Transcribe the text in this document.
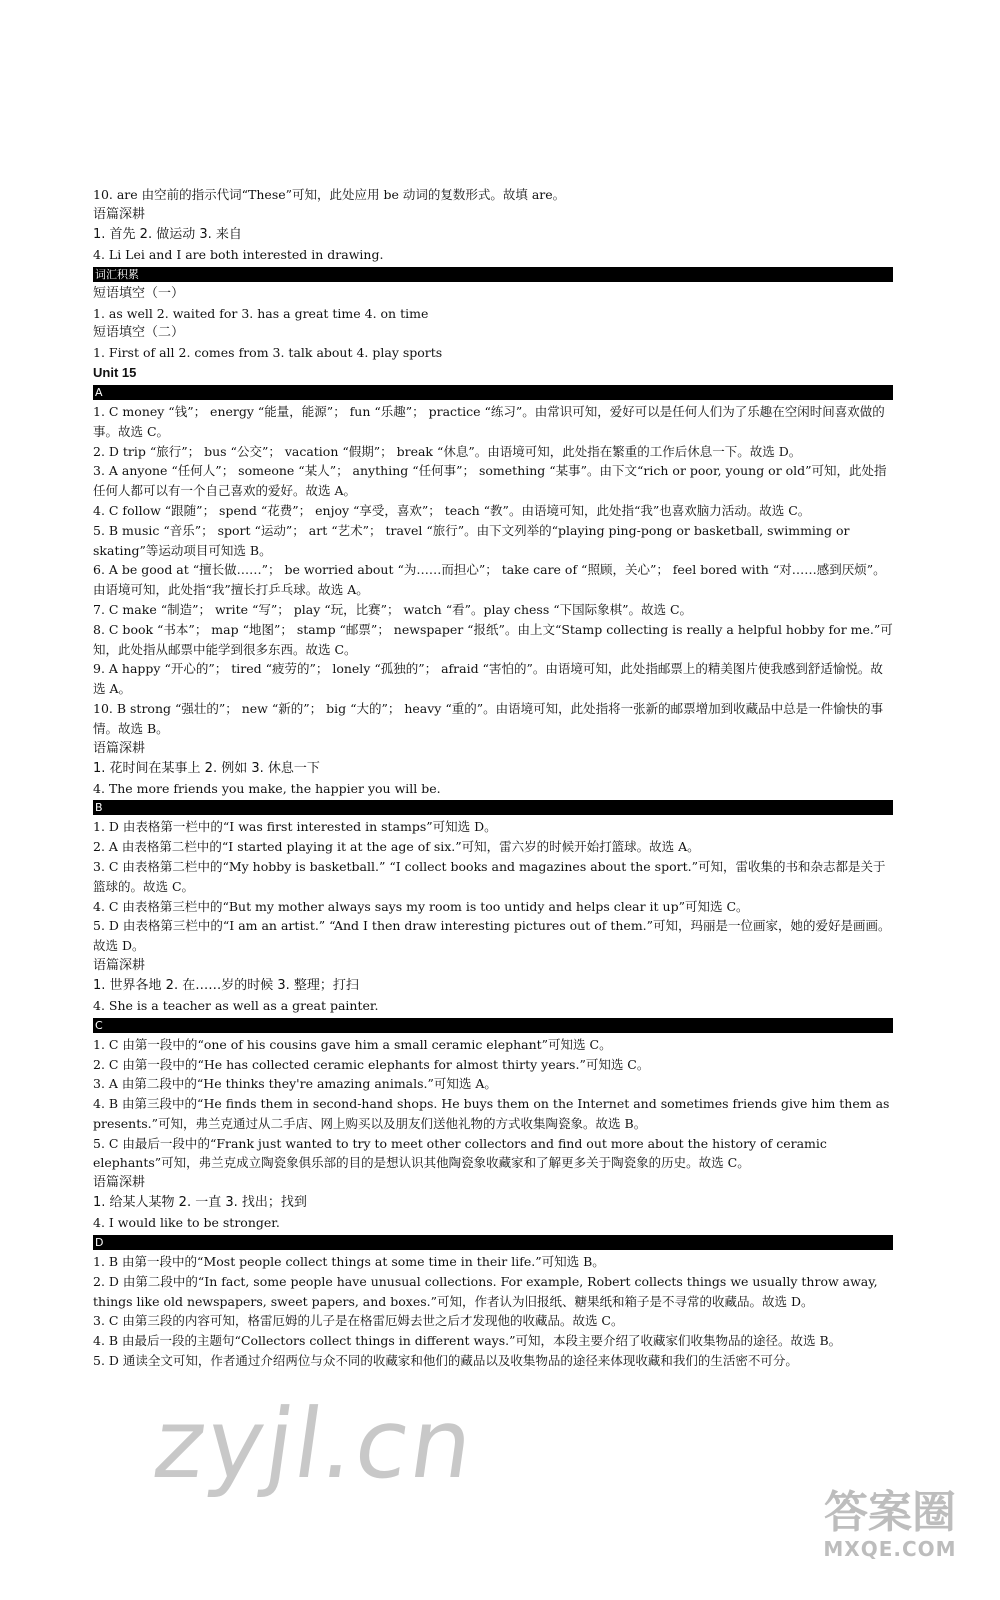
10. are 由空前的指示代词“These”可知，此处应用 be 动词的复数形式。故填 are。
语篇深耕
1. 首先 2. 做运动 3. 来自
4. Li Lei and I are both interested in drawing.
词汇积累
短语填空（一）
1. as well 2. waited for 3. has a great time 4. on time
短语填空（二）
1. First of all 2. comes from 3. talk about 4. play sports
Unit 15
A
1. C money “钱”； energy “能量，能源”； fun “乐趣”； practice “练习”。由常识可知，爱好可以是任何人们为了乐趣在空闲时间喜欢做的事。故选 C。
2. D trip “旅行”； bus “公交”； vacation “假期”； break “休息”。由语境可知，此处指在繁重的工作后休息一下。故选 D。
3. A anyone “任何人”； someone “某人”； anything “任何事”； something “某事”。由下文“rich or poor, young or old”可知，此处指任何人都可以有一个自己喜欢的爱好。故选 A。
4. C follow “跟随”； spend “花费”； enjoy “享受，喜欢”； teach “教”。由语境可知，此处指“我”也喜欢脑力活动。故选 C。
5. B music “音乐”； sport “运动”； art “艺术”； travel “旅行”。由下文列举的“playing ping-pong or basketball, swimming or skating”等运动项目可知选 B。
6. A be good at “擅长做……”； be worried about “为……而担心”； take care of “照顾，关心”； feel bored with “对……感到厌烦”。由语境可知，此处指“我”擅长打乒乓球。故选 A。
7. C make “制造”； write “写”； play “玩，比赛”； watch “看”。play chess “下国际象棋”。故选 C。
8. C book “书本”； map “地图”； stamp “邮票”； newspaper “报纸”。由上文“Stamp collecting is really a helpful hobby for me.”可知，此处指从邮票中能学到很多东西。故选 C。
9. A happy “开心的”； tired “疲劳的”； lonely “孤独的”； afraid “害怕的”。由语境可知，此处指邮票上的精美图片使我感到舒适愉悦。故选 A。
10. B strong “强壮的”； new “新的”； big “大的”； heavy “重的”。由语境可知，此处指将一张新的邮票增加到收藏品中总是一件愉快的事情。故选 B。
语篇深耕
1. 花时间在某事上 2. 例如 3. 休息一下
4. The more friends you make, the happier you will be.
B
1. D 由表格第一栏中的“I was first interested in stamps”可知选 D。
2. A 由表格第二栏中的“I started playing it at the age of six.”可知，雷六岁的时候开始打篮球。故选 A。
3. C 由表格第二栏中的“My hobby is basketball.” “I collect books and magazines about the sport.”可知，雷收集的书和杂志都是关于篮球的。故选 C。
4. C 由表格第三栏中的“But my mother always says my room is too untidy and helps clear it up”可知选 C。
5. D 由表格第三栏中的“I am an artist.” “And I then draw interesting pictures out of them.”可知，玛丽是一位画家，她的爱好是画画。故选 D。
语篇深耕
1. 世界各地 2. 在……岁的时候 3. 整理；打扫
4. She is a teacher as well as a great painter.
C
1. C 由第一段中的“one of his cousins gave him a small ceramic elephant”可知选 C。
2. C 由第一段中的“He has collected ceramic elephants for almost thirty years.”可知选 C。
3. A 由第二段中的“He thinks they're amazing animals.”可知选 A。
4. B 由第三段中的“He finds them in second-hand shops. He buys them on the Internet and sometimes friends give him them as presents.”可知，弗兰克通过从二手店、网上购买以及朋友们送他礼物的方式收集陶瓷象。故选 B。
5. C 由最后一段中的“Frank just wanted to try to meet other collectors and find out more about the history of ceramic elephants”可知，弗兰克成立陶瓷象俱乐部的目的是想认识其他陶瓷象收藏家和了解更多关于陶瓷象的历史。故选 C。
语篇深耕
1. 给某人某物 2. 一直 3. 找出；找到
4. I would like to be stronger.
D
1. B 由第一段中的“Most people collect things at some time in their life.”可知选 B。
2. D 由第二段中的“In fact, some people have unusual collections. For example, Robert collects things we usually throw away, things like old newspapers, sweet papers, and boxes.”可知，作者认为旧报纸、糖果纸和箱子是不寻常的收藏品。故选 D。
3. C 由第三段的内容可知，格雷厄姆的儿子是在格雷厄姆去世之后才发现他的收藏品。故选 C。
4. B 由最后一段的主题句“Collectors collect things in different ways.”可知，本段主要介绍了收藏家们收集物品的途径。故选 B。
5. D 通读全文可知，作者通过介绍两位与众不同的收藏家和他们的藏品以及收集物品的途径来体现收藏和我们的生活密不可分。
zyjl.cn
答案圈
MXQE.COM
